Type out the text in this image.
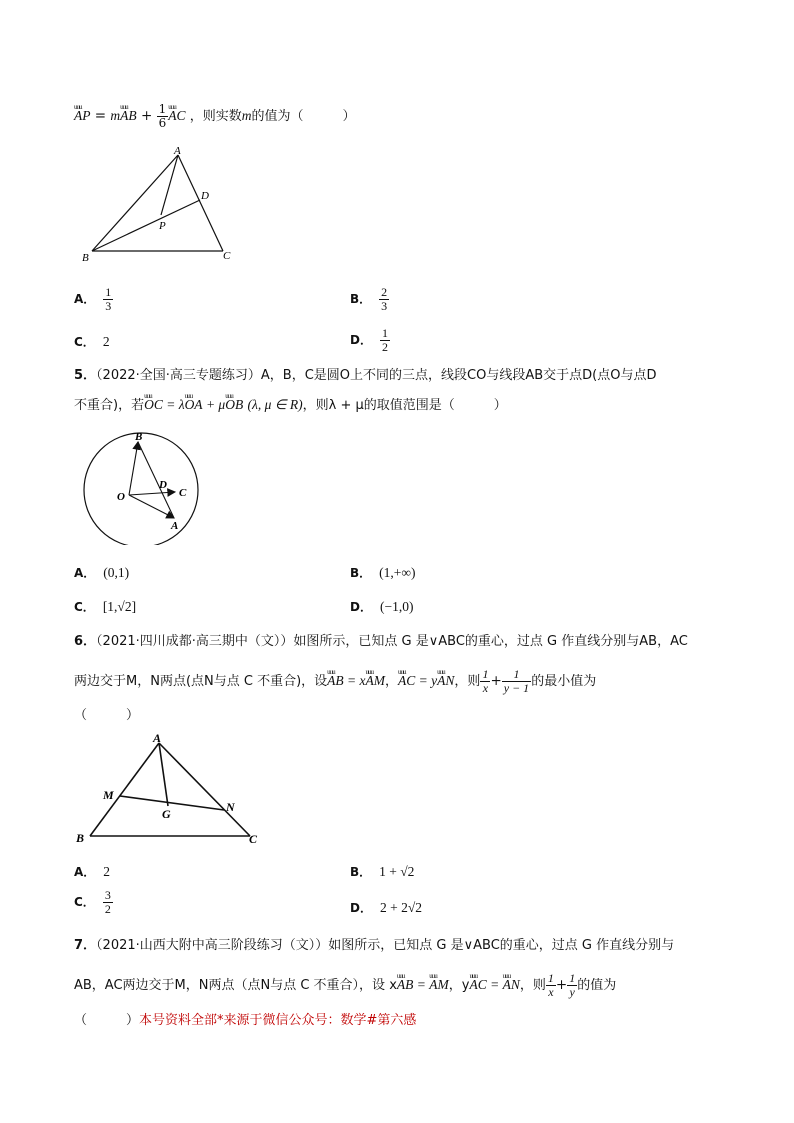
uuu AP = muuu AB + $\frac{1}{6}$
uuu AC ，则实数m的值为（　　　）
A
B	C
D
P
A． $\frac{1}{3}$	B． $\frac{2}{3}$
C． 2	D． $\frac{1}{2}$
5．（2022·全国·高三专题练习）A，B，C是圆O上不同的三点，线段CO与线段AB交于点D(点O与点D
不重合)，若uuu OC = λuuu OA + μuuu OB (λ, μ ∈ R)，则λ + μ的取值范围是（　　　）
B
O
D
C
A
A． (0,1)	B． (1,+∞)
C． [1,√2]	D． (−1,0)
6．（2021·四川成都·高三期中（文））如图所示，已知点 G 是∨ABC的重心，过点 G 作直线分别与AB，AC
两边交于M，N两点(点N与点 C 不重合)，设uuu AB = xuuu AM，uuu AC = yuuu AN，则 $\frac{1}{x} + \frac{1}{y - 1}$ 的最小值为
（　　　）
A
M
G	N
B	C
A． 2	B． 1 + √2
C． $\frac{3}{2}$	D． 2 + 2√2
7．（2021·山西大附中高三阶段练习（文））如图所示，已知点 G 是∨ABC的重心，过点 G 作直线分别与
AB，AC两边交于M，N两点（点N与点 C 不重合），设 xuuu AB = uuu AM，yuuu AC = uuu AN，则 $\frac{1}{x} + \frac{1}{y}$ 的值为
（　　　）本号资料全部*来源于微信公众号：数学#第六感
